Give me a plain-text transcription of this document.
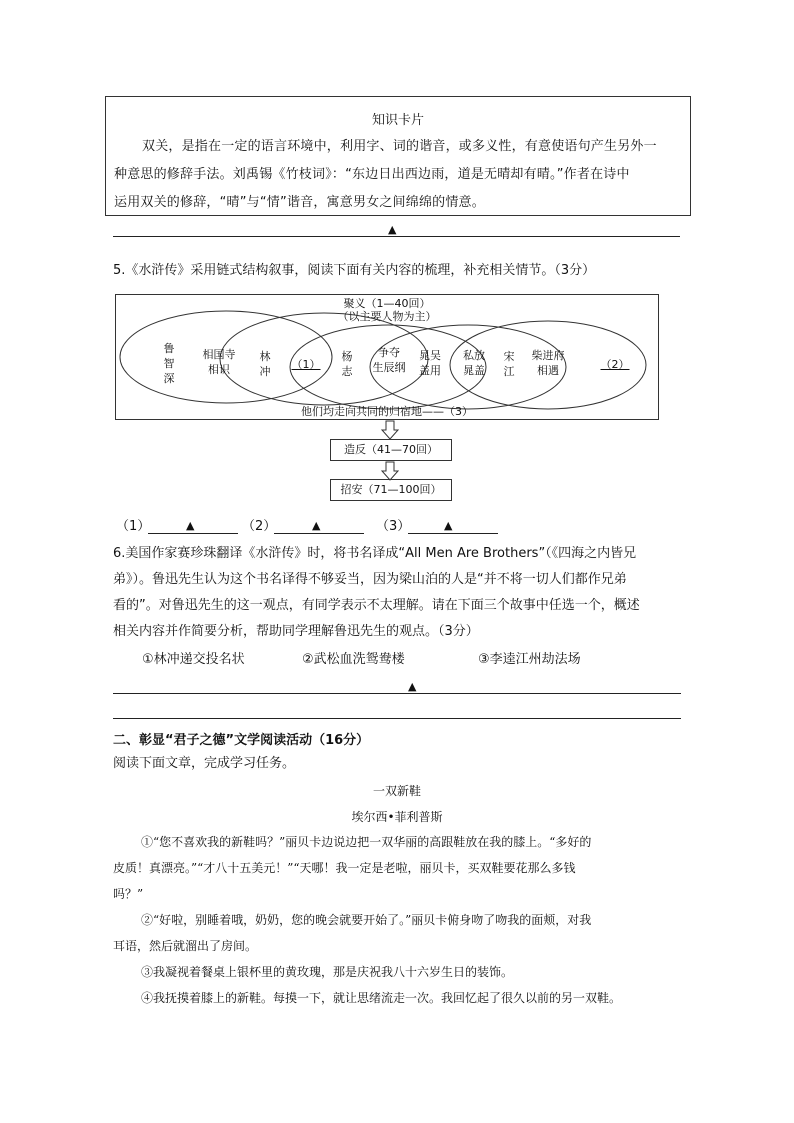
知识卡片

双关，是指在一定的语言环境中，利用字、词的谐音，或多义性，有意使语句产生另外一

种意思的修辞手法。刘禹锡《竹枝词》：“东边日出西边雨，道是无晴却有晴。”作者在诗中
运用双关的修辞，“晴”与“情”谐音，寓意男女之间绵绵的情意。
▲
5.《水浒传》采用链式结构叙事，阅读下面有关内容的梳理，补充相关情节。（3分）
聚义（1—40回）
（以主要人物为主）
鲁智深
相国寺
相识
林冲
（1）
杨志
争夺
生辰纲
晁吴
盖用
私放
晁盖
宋江
柴进府
相遇	（2）
他们均走向共同的归宿地——（3）
造反（41—70回）
招安（71—100回）
（1）	▲	（2）	▲	（3）	▲
6.美国作家赛珍珠翻译《水浒传》时，将书名译成“All Men Are Brothers”（《四海之内皆兄
弟》）。鲁迅先生认为这个书名译得不够妥当，因为梁山泊的人是“并不将一切人们都作兄弟
看的”。对鲁迅先生的这一观点，有同学表示不太理解。请在下面三个故事中任选一个，概述
相关内容并作简要分析，帮助同学理解鲁迅先生的观点。（3分）
①林冲递交投名状	②武松血洗鸳鸯楼	③李逵江州劫法场
▲
二、彰显“君子之德”文学阅读活动（16分）
阅读下面文章，完成学习任务。
一双新鞋
埃尔西•菲利普斯
①“您不喜欢我的新鞋吗？”丽贝卡边说边把一双华丽的高跟鞋放在我的膝上。“多好的
皮质！真漂亮。”“才八十五美元！”“天哪！我一定是老啦，丽贝卡，买双鞋要花那么多钱
吗？”
②“好啦，别睡着哦，奶奶，您的晚会就要开始了。”丽贝卡俯身吻了吻我的面颊，对我
耳语，然后就溜出了房间。
③我凝视着餐桌上银杯里的黄玫瑰，那是庆祝我八十六岁生日的装饰。
④我抚摸着膝上的新鞋。每摸一下，就让思绪流走一次。我回忆起了很久以前的另一双鞋。
